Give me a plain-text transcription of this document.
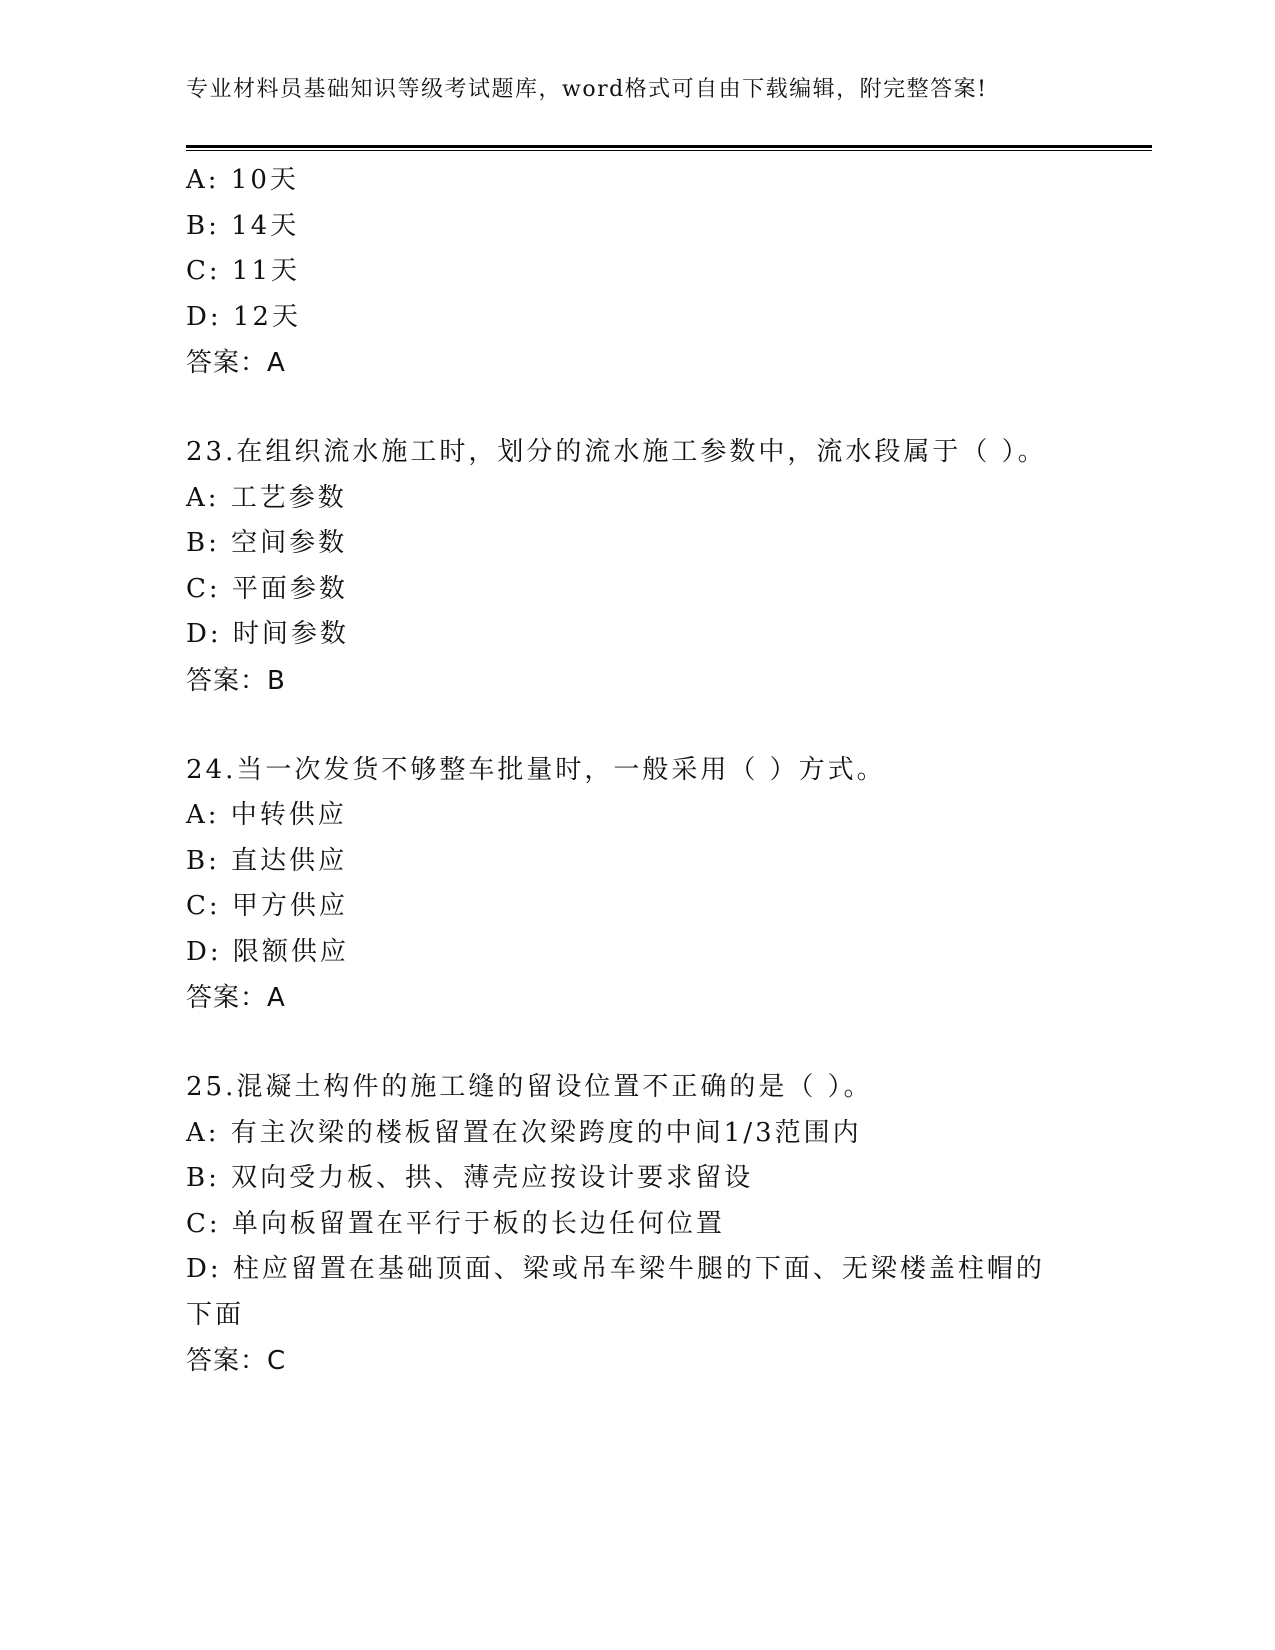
专业材料员基础知识等级考试题库，word格式可自由下载编辑，附完整答案!
A: 10天
B: 14天
C: 11天
D: 12天
答案：A
23.在组织流水施工时，划分的流水施工参数中，流水段属于（ ）。
A: 工艺参数
B: 空间参数
C: 平面参数
D: 时间参数
答案：B
24.当一次发货不够整车批量时，一般采用（ ）方式。
A: 中转供应
B: 直达供应
C: 甲方供应
D: 限额供应
答案：A
25.混凝土构件的施工缝的留设位置不正确的是（ ）。
A: 有主次梁的楼板留置在次梁跨度的中间1/3范围内
B: 双向受力板、拱、薄壳应按设计要求留设
C: 单向板留置在平行于板的长边任何位置
D: 柱应留置在基础顶面、梁或吊车梁牛腿的下面、无梁楼盖柱帽的下面
答案：C
